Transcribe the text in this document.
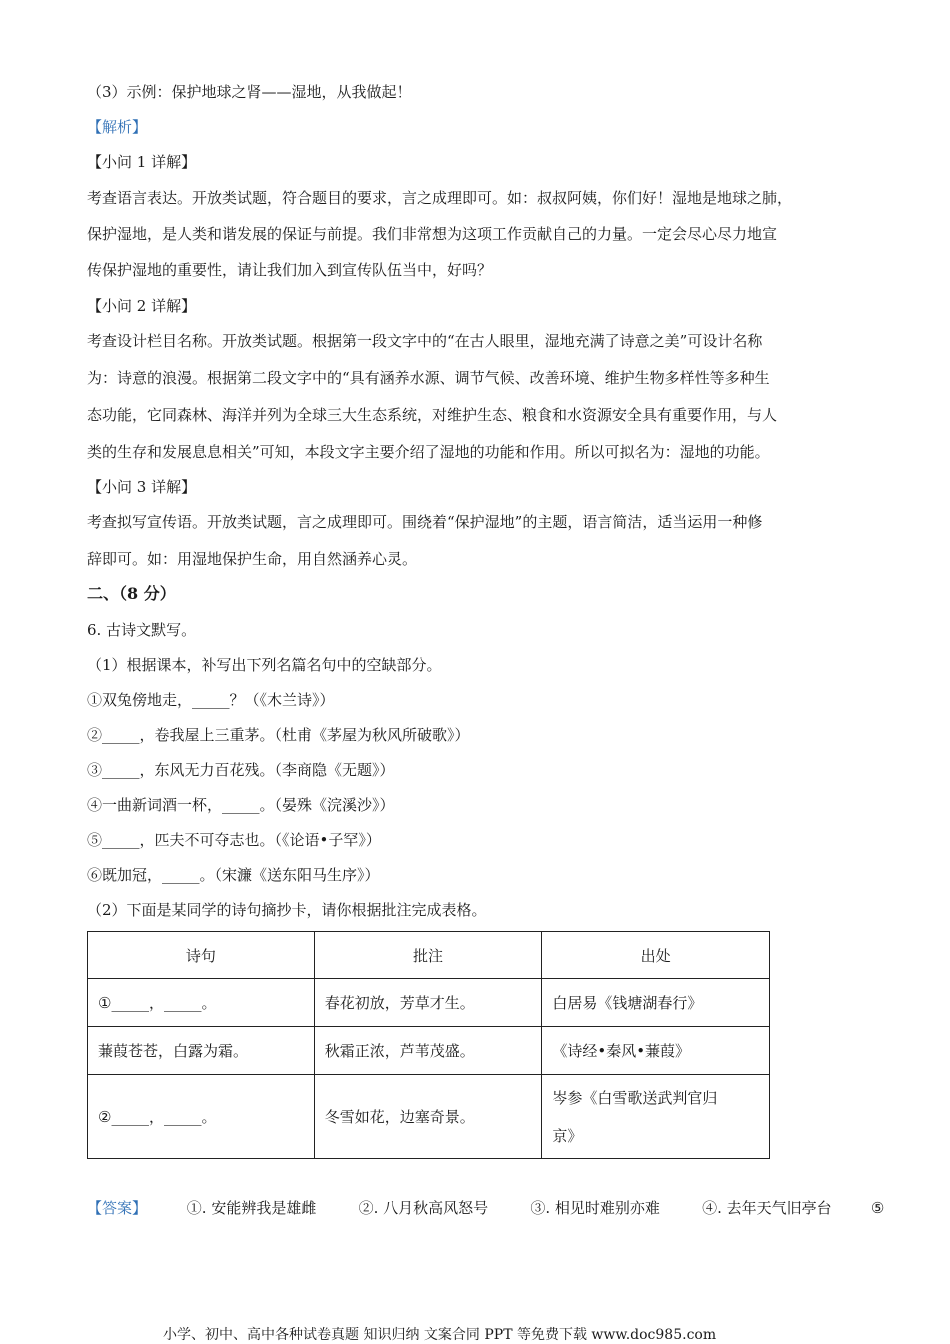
（3）示例：保护地球之肾——湿地，从我做起！
【解析】
【小问 1 详解】
考查语言表达。开放类试题，符合题目的要求，言之成理即可。如：叔叔阿姨，你们好！湿地是地球之肺，
保护湿地，是人类和谐发展的保证与前提。我们非常想为这项工作贡献自己的力量。一定会尽心尽力地宣
传保护湿地的重要性，请让我们加入到宣传队伍当中，好吗？
【小问 2 详解】
考查设计栏目名称。开放类试题。根据第一段文字中的“在古人眼里，湿地充满了诗意之美”可设计名称
为：诗意的浪漫。根据第二段文字中的“具有涵养水源、调节气候、改善环境、维护生物多样性等多种生
态功能，它同森林、海洋并列为全球三大生态系统，对维护生态、粮食和水资源安全具有重要作用，与人
类的生存和发展息息相关”可知，本段文字主要介绍了湿地的功能和作用。所以可拟名为：湿地的功能。
【小问 3 详解】
考查拟写宣传语。开放类试题，言之成理即可。围绕着“保护湿地”的主题，语言简洁，适当运用一种修
辞即可。如：用湿地保护生命，用自然涵养心灵。
二、（8 分）
6. 古诗文默写。
（1）根据课本，补写出下列名篇名句中的空缺部分。
①双兔傍地走，_____？（《木兰诗》）
②_____，卷我屋上三重茅。（杜甫《茅屋为秋风所破歌》）
③_____，东风无力百花残。（李商隐《无题》）
④一曲新词酒一杯，_____。（晏殊《浣溪沙》）
⑤_____，匹夫不可夺志也。（《论语•子罕》）
⑥既加冠，_____。（宋濂《送东阳马生序》）
（2）下面是某同学的诗句摘抄卡，请你根据批注完成表格。
诗句	批注	出处
①_____，_____。	春花初放，芳草才生。	白居易《钱塘湖春行》
蒹葭苍苍，白露为霜。	秋霜正浓，芦苇茂盛。	《诗经•秦风•蒹葭》
②_____，_____。	冬雪如花，边塞奇景。	岑参《白雪歌送武判官归
京》
【答案】	①. 安能辨我是雄雌	②. 八月秋高风怒号	③. 相见时难别亦难	④. 去年天气旧亭台	⑤
小学、初中、高中各种试卷真题 知识归纳 文案合同 PPT 等免费下载 www.doc985.com
